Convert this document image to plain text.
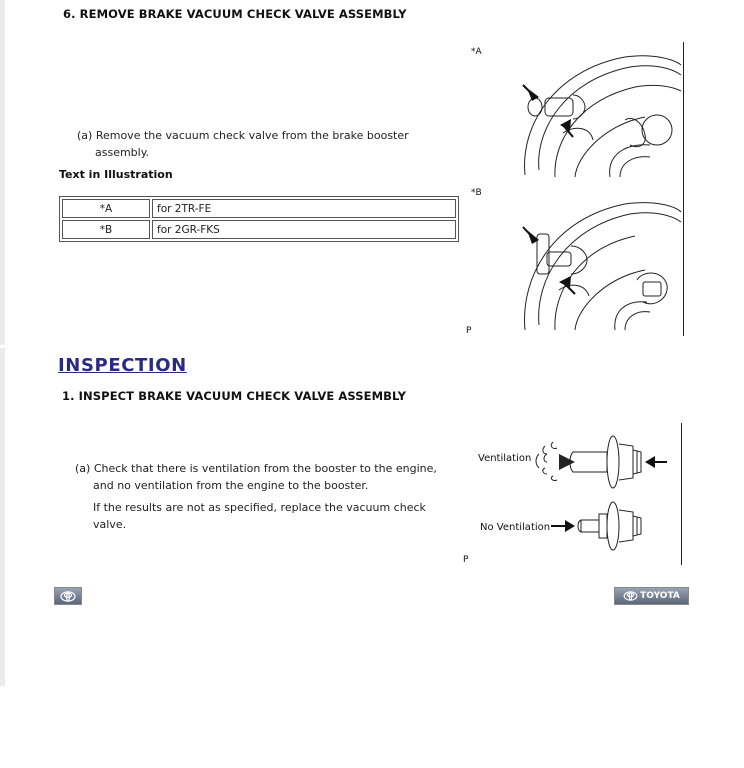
6. REMOVE BRAKE VACUUM CHECK VALVE ASSEMBLY
(a) Remove the vacuum check valve from the brake booster
assembly.
Text in Illustration
*A	for 2TR-FE
*B	for 2GR-FKS
*A
*B
P
INSPECTION
1. INSPECT BRAKE VACUUM CHECK VALVE ASSEMBLY
(a) Check that there is ventilation from the booster to the engine,
and no ventilation from the engine to the booster.
If the results are not as specified, replace the vacuum check
valve.
Ventilation
No Ventilation
P
TOYOTA
